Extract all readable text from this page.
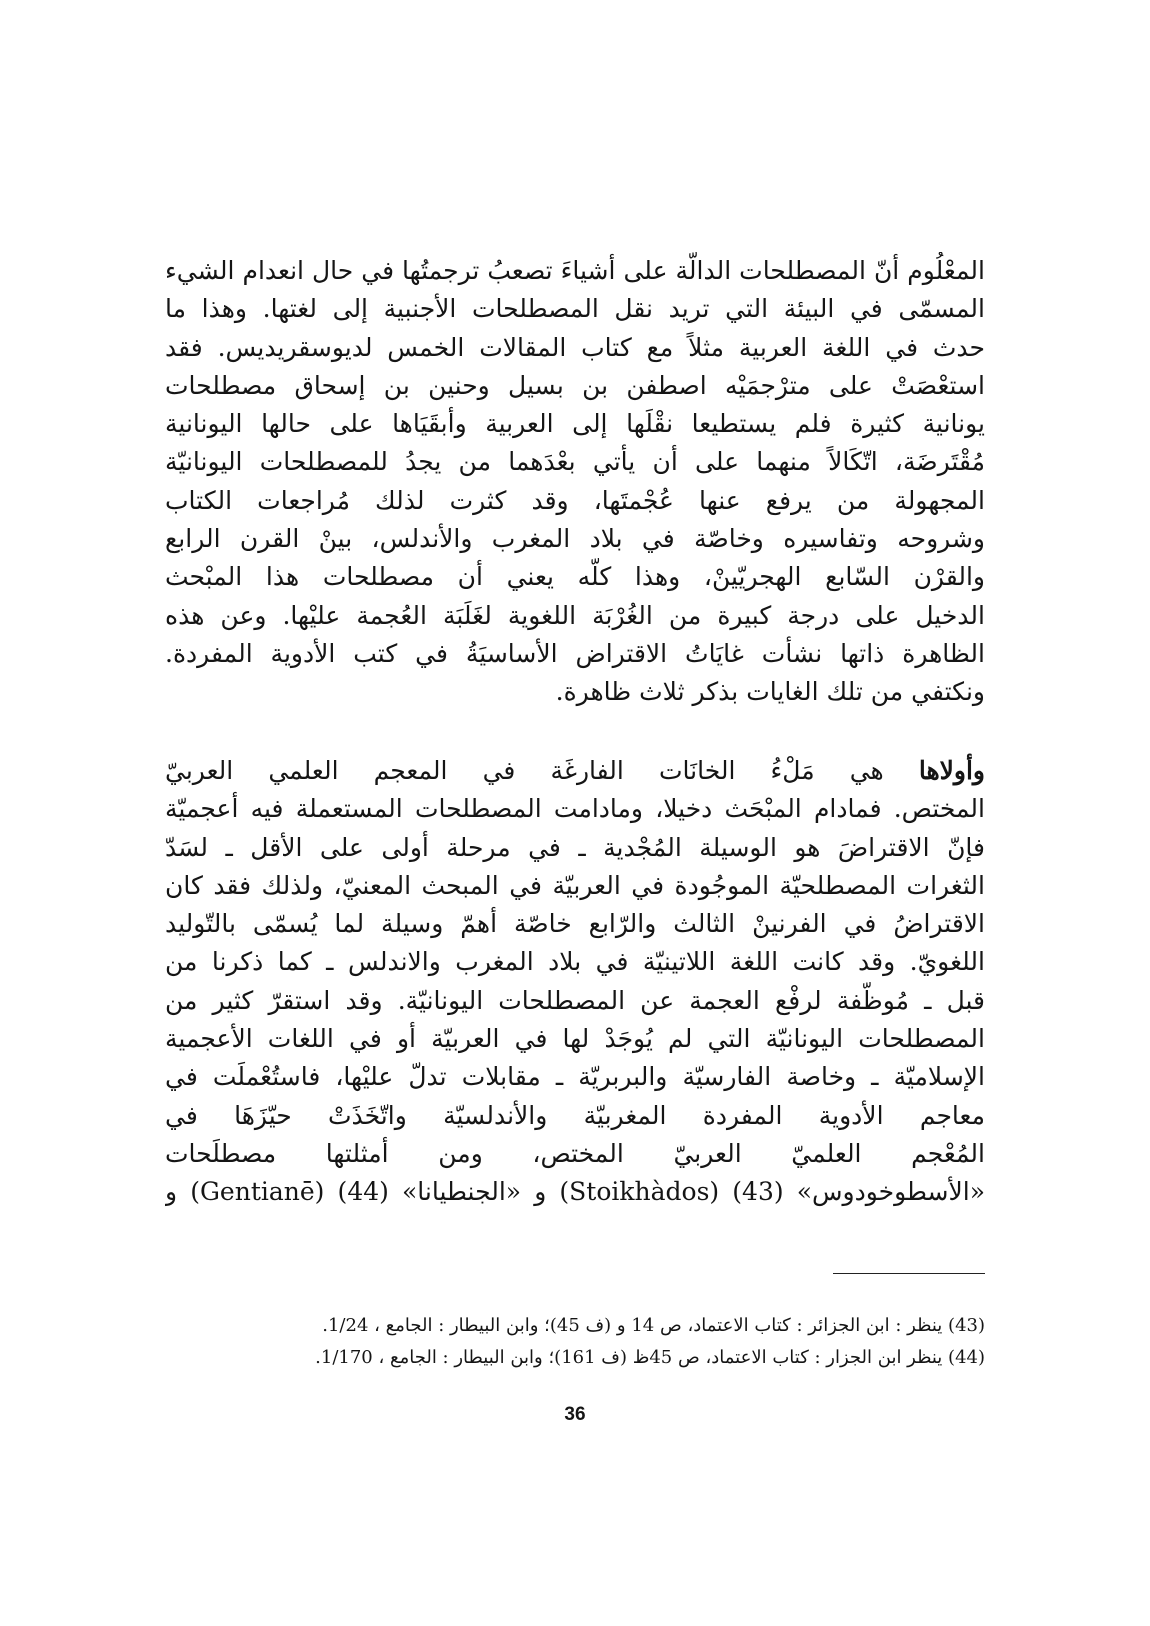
المعْلُوم أنّ المصطلحات الدالّة على أشياءَ تصعبُ ترجمتُها في حال انعدام الشيء
المسمّى في البيئة التي تريد نقل المصطلحات الأجنبية إلى لغتها. وهذا ما
حدث في اللغة العربية مثلاً مع كتاب المقالات الخمس لديوسقريديس. فقد
استعْصَتْ على مترْجمَيْه اصطفن بن بسيل وحنين بن إسحاق مصطلحات
يونانية كثيرة فلم يستطيعا نقْلَها إلى العربية وأبقَيَاها على حالها اليونانية
مُقْتَرضَة، اتّكَالاً منهما على أن يأتي بعْدَهما من يجدُ للمصطلحات اليونانيّة
المجهولة من يرفع عنها عُجْمتَها، وقد كثرت لذلك مُراجعات الكتاب
وشروحه وتفاسيره وخاصّة في بلاد المغرب والأندلس، بينْ القرن الرابع
والقرْن السّابع الهجريّينْ، وهذا كلّه يعني أن مصطلحات هذا المبْحث
الدخيل على درجة كبيرة من الغُرْبَة اللغوية لغَلَبَة العُجمة عليْها. وعن هذه
الظاهرة ذاتها نشأت غايَاتُ الاقتراض الأساسيَةُ في كتب الأدوية المفردة.
ونكتفي من تلك الغايات بذكر ثلاث ظاهرة.
وأولاها هي مَلْءُ الخانَات الفارغَة في المعجم العلمي العربيّ
المختص. فمادام المبْحَث دخيلا، ومادامت المصطلحات المستعملة فيه أعجميّة
فإنّ الاقتراضَ هو الوسيلة المُجْدية ـ في مرحلة أولى على الأقل ـ لسَدّ
الثغرات المصطلحيّة الموجُودة في العربيّة في المبحث المعنيّ، ولذلك فقد كان
الاقتراضُ في الفرنينْ الثالث والرّابع خاصّة أهمّ وسيلة لما يُسمّى بالتّوليد
اللغويّ. وقد كانت اللغة اللاتينيّة في بلاد المغرب والاندلس ـ كما ذكرنا من
قبل ـ مُوظّفة لرفْع العجمة عن المصطلحات اليونانيّة. وقد استقرّ كثير من
المصطلحات اليونانيّة التي لم يُوجَدْ لها في العربيّة أو في اللغات الأعجمية
الإسلاميّة ـ وخاصة الفارسيّة والبربريّة ـ مقابلات تدلّ عليْها، فاستُعْملَت في
معاجم الأدوية المفردة المغربيّة والأندلسيّة واتّخَذَتْ حيّزَهَا في
المُعْجم العلميّ العربيّ المختص، ومن أمثلتها مصطلَحات
«الأسطوخودوس» (43) (Stoikhàdos) و «الجنطيانا» (44) (Gentianē) و
(43) ينظر : ابن الجزائر : كتاب الاعتماد، ص 14 و (ف 45)؛ وابن البيطار : الجامع ، 1/24.
(44) ينظر ابن الجزار : كتاب الاعتماد، ص 45ظ (ف 161)؛ وابن البيطار : الجامع ، 1/170.
36
